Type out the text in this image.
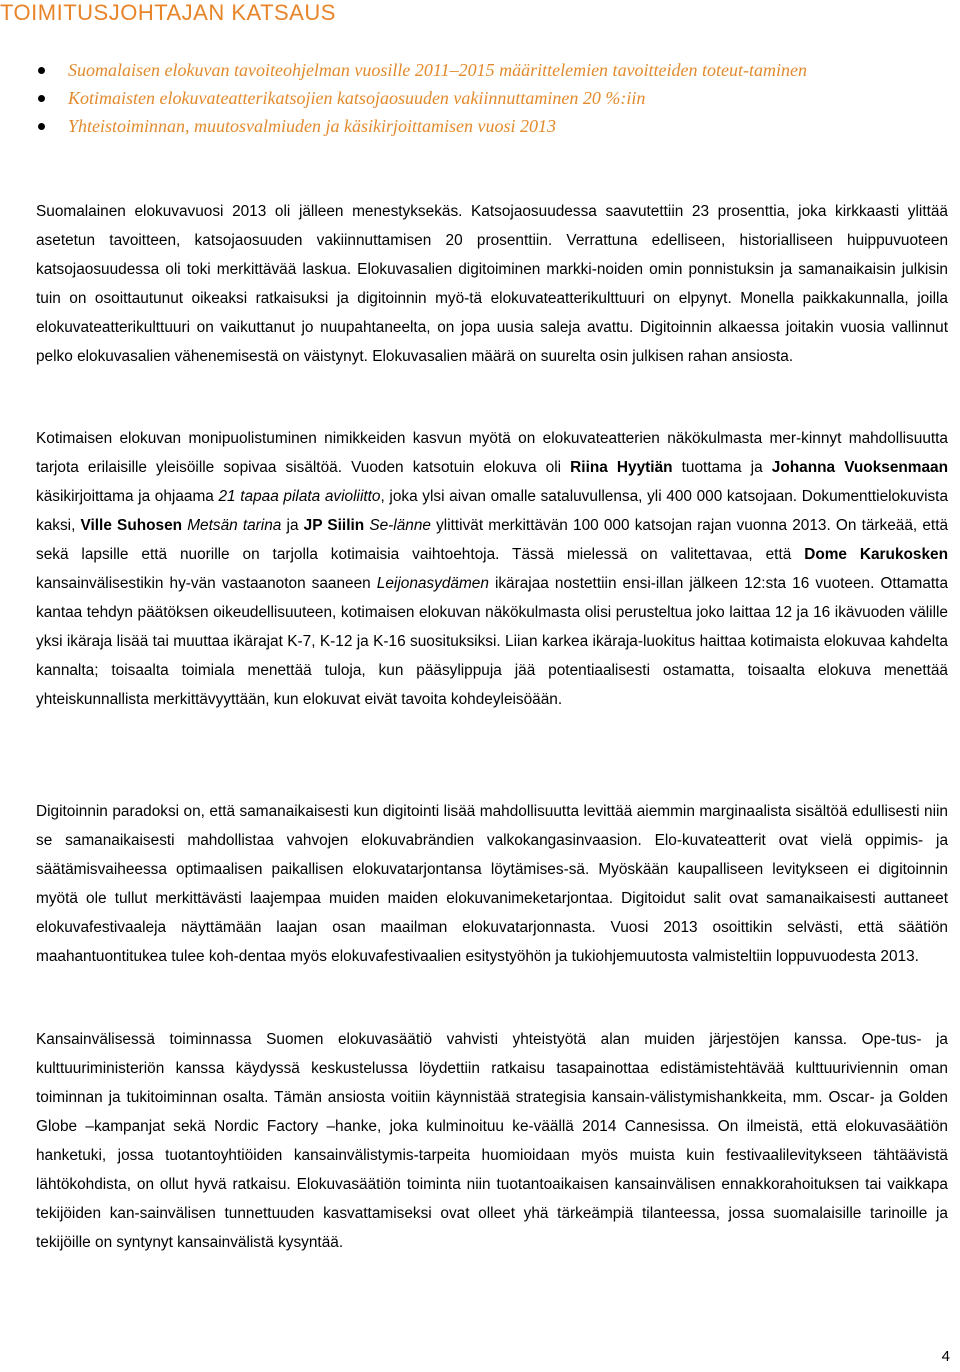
TOIMITUSJOHTAJAN KATSAUS
Suomalaisen elokuvan tavoiteohjelman vuosille 2011–2015 määrittelemien tavoitteiden toteut-taminen
Kotimaisten elokuvateatterikatsojien katsojaosuuden vakiinnuttaminen 20 %:iin
Yhteistoiminnan, muutosvalmiuden ja käsikirjoittamisen vuosi 2013

Suomalainen elokuvavuosi 2013 oli jälleen menestyksekäs. Katsojaosuudessa saavutettiin 23 prosenttia, joka kirkkaasti ylittää asetetun tavoitteen, katsojaosuuden vakiinnuttamisen 20 prosenttiin. Verrattuna edelliseen, historialliseen huippuvuoteen katsojaosuudessa oli toki merkittävää laskua. Elokuvasalien digitoiminen markki-noiden omin ponnistuksin ja samanaikaisin julkisin tuin on osoittautunut oikeaksi ratkaisuksi ja digitoinnin myö-tä elokuvateatterikulttuuri on elpynyt. Monella paikkakunnalla, joilla elokuvateatterikulttuuri on vaikuttanut jo nuupahtaneelta, on jopa uusia saleja avattu. Digitoinnin alkaessa joitakin vuosia vallinnut pelko elokuvasalien vähenemisestä on väistynyt. Elokuvasalien määrä on suurelta osin julkisen rahan ansiosta.

Kotimaisen elokuvan monipuolistuminen nimikkeiden kasvun myötä on elokuvateatterien näkökulmasta mer-kinnyt mahdollisuutta tarjota erilaisille yleisöille sopivaa sisältöä. Vuoden katsotuin elokuva oli Riina Hyytiän tuottama ja Johanna Vuoksenmaan käsikirjoittama ja ohjaama 21 tapaa pilata avioliitto, joka ylsi aivan omalle sataluvullensa, yli 400 000 katsojaan. Dokumenttielokuvista kaksi, Ville Suhosen Metsän tarina ja JP Siilin Se-länne ylittivät merkittävän 100 000 katsojan rajan vuonna 2013. On tärkeää, että sekä lapsille että nuorille on tarjolla kotimaisia vaihtoehtoja. Tässä mielessä on valitettavaa, että Dome Karukosken kansainvälisestikin hy-vän vastaanoton saaneen Leijonasydämen ikärajaa nostettiin ensi-illan jälkeen 12:sta 16 vuoteen. Ottamatta kantaa tehdyn päätöksen oikeudellisuuteen, kotimaisen elokuvan näkökulmasta olisi perusteltua joko laittaa 12 ja 16 ikävuoden välille yksi ikäraja lisää tai muuttaa ikärajat K-7, K-12 ja K-16 suosituksiksi. Liian karkea ikäraja-luokitus haittaa kotimaista elokuvaa kahdelta kannalta; toisaalta toimiala menettää tuloja, kun pääsylippuja jää potentiaalisesti ostamatta, toisaalta elokuva menettää yhteiskunnallista merkittävyyttään, kun elokuvat eivät tavoita kohdeyleisöään.

Digitoinnin paradoksi on, että samanaikaisesti kun digitointi lisää mahdollisuutta levittää aiemmin marginaalista sisältöä edullisesti niin se samanaikaisesti mahdollistaa vahvojen elokuvabrändien valkokangasinvaasion. Elo-kuvateatterit ovat vielä oppimis- ja säätämisvaiheessa optimaalisen paikallisen elokuvatarjontansa löytämises-sä. Myöskään kaupalliseen levitykseen ei digitoinnin myötä ole tullut merkittävästi laajempaa muiden maiden elokuvanimeketarjontaa. Digitoidut salit ovat samanaikaisesti auttaneet elokuvafestivaaleja näyttämään laajan osan maailman elokuvatarjonnasta. Vuosi 2013 osoittikin selvästi, että säätiön maahantuontitukea tulee koh-dentaa myös elokuvafestivaalien esitystyöhön ja tukiohjemuutosta valmisteltiin loppuvuodesta 2013.

Kansainvälisessä toiminnassa Suomen elokuvasäätiö vahvisti yhteistyötä alan muiden järjestöjen kanssa. Ope-tus- ja kulttuuriministeriön kanssa käydyssä keskustelussa löydettiin ratkaisu tasapainottaa edistämistehtävää kulttuuriviennin oman toiminnan ja tukitoiminnan osalta. Tämän ansiosta voitiin käynnistää strategisia kansain-välistymishankkeita, mm. Oscar- ja Golden Globe –kampanjat sekä Nordic Factory –hanke, joka kulminoituu ke-väällä 2014 Cannesissa. On ilmeistä, että elokuvasäätiön hanketuki, jossa tuotantoyhtiöiden kansainvälistymis-tarpeita huomioidaan myös muista kuin festivaalilevitykseen tähtäävistä lähtökohdista, on ollut hyvä ratkaisu. Elokuvasäätiön toiminta niin tuotantoaikaisen kansainvälisen ennakkorahoituksen tai vaikkapa tekijöiden kan-sainvälisen tunnettuuden kasvattamiseksi ovat olleet yhä tärkeämpiä tilanteessa, jossa suomalaisille tarinoille ja tekijöille on syntynyt kansainvälistä kysyntää.

4
